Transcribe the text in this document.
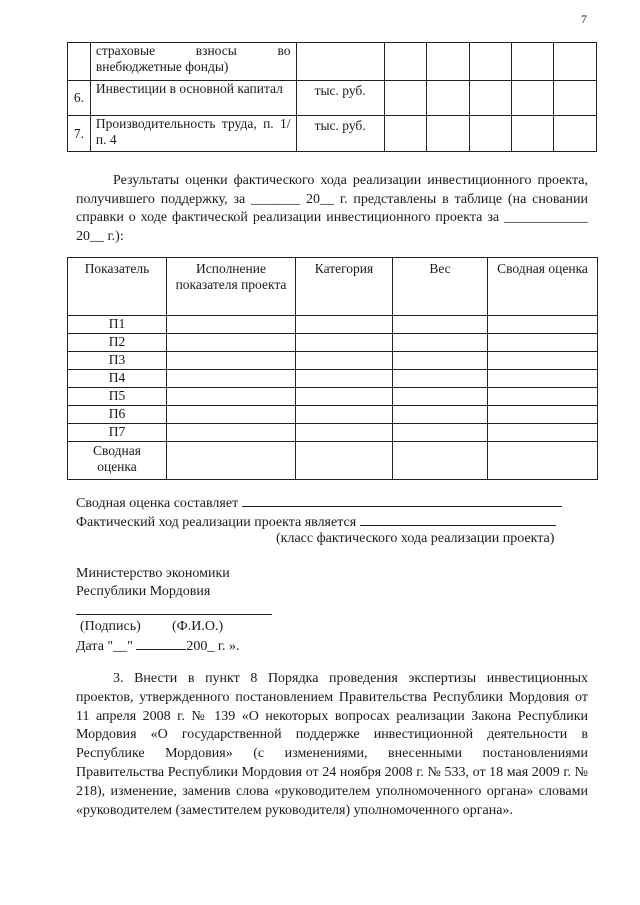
7
	страховые взносы во внебюджетные фонды)						
6.	Инвестиции в основной капитал	тыс. руб.					
7.	Производительность труда, п. 1/п. 4	тыс. руб.					
Результаты оценки фактического хода реализации инвестиционного проекта, получившего поддержку, за _______ 20__ г. представлены в таблице (на сновании справки о ходе фактической реализации инвестиционного проекта за ____________ 20__ г.):
Показатель	Исполнение показателя проекта	Категория	Вес	Сводная оценка
П1				
П2				
П3				
П4				
П5				
П6				
П7				
Сводная оценка				
Сводная оценка составляет
Фактический ход реализации проекта является
(класс фактического хода реализации проекта)
Министерство экономики
Республики Мордовия
(Подпись) (Ф.И.О.)
Дата "__"	200_ г. ».
3. Внести в пункт 8 Порядка проведения экспертизы инвестиционных проектов, утвержденного постановлением Правительства Республики Мордовия от 11 апреля 2008 г. № 139 «О некоторых вопросах реализации Закона Республики Мордовия «О государственной поддержке инвестиционной деятельности в Республике Мордовия» (с изменениями, внесенными постановлениями Правительства Республики Мордовия от 24 ноября 2008 г. № 533, от 18 мая 2009 г. № 218), изменение, заменив слова «руководителем уполномоченного органа» словами «руководителем (заместителем руководителя) уполномоченного органа».
